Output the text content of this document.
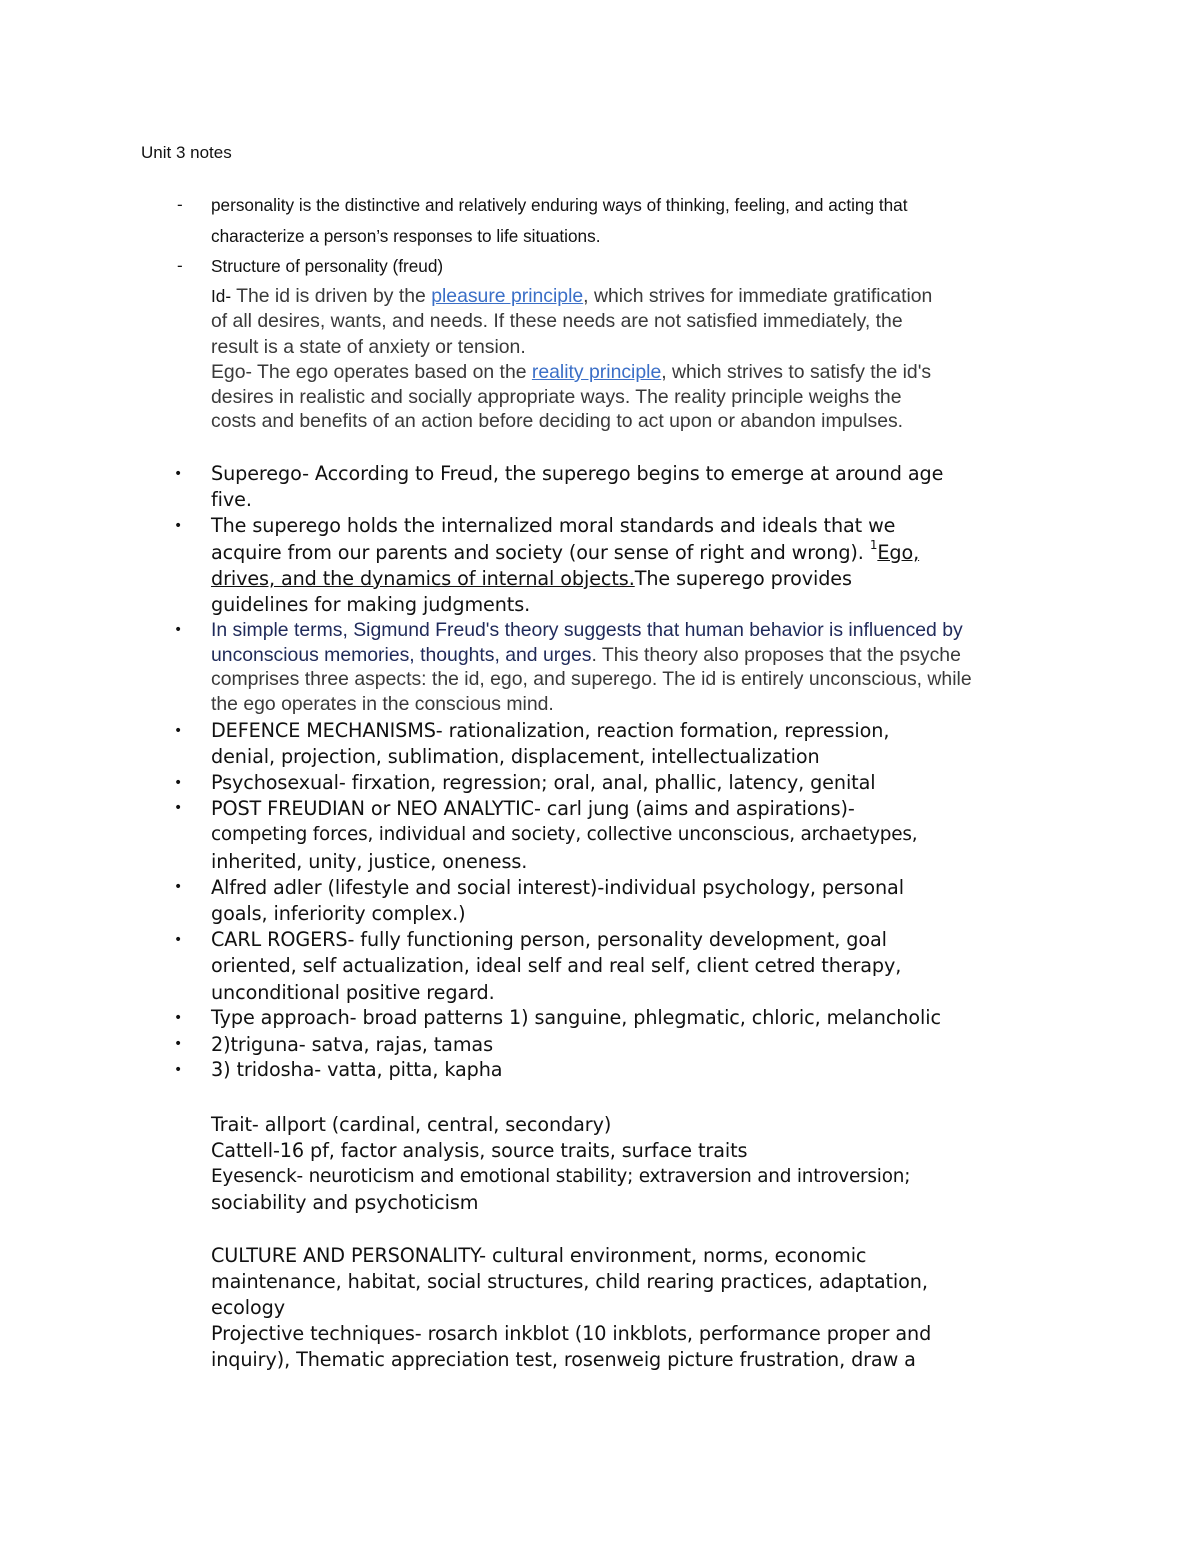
Unit 3 notes
- personality is the distinctive and relatively enduring ways of thinking, feeling, and acting that
characterize a person’s responses to life situations.
- Structure of personality (freud)
Id- The id is driven by the pleasure principle, which strives for immediate gratification
of all desires, wants, and needs. If these needs are not satisfied immediately, the
result is a state of anxiety or tension.
Ego- The ego operates based on the reality principle, which strives to satisfy the id's
desires in realistic and socially appropriate ways. The reality principle weighs the
costs and benefits of an action before deciding to act upon or abandon impulses.
• Superego- According to Freud, the superego begins to emerge at around age
five.
• The superego holds the internalized moral standards and ideals that we
acquire from our parents and society (our sense of right and wrong). $^1$Ego,
drives, and the dynamics of internal objects.The superego provides
guidelines for making judgments.
• In simple terms, Sigmund Freud's theory suggests that human behavior is influenced by
unconscious memories, thoughts, and urges. This theory also proposes that the psyche
comprises three aspects: the id, ego, and superego. The id is entirely unconscious, while
the ego operates in the conscious mind.
• DEFENCE MECHANISMS- rationalization, reaction formation, repression,
denial, projection, sublimation, displacement, intellectualization
• Psychosexual- firxation, regression; oral, anal, phallic, latency, genital
• POST FREUDIAN or NEO ANALYTIC- carl jung (aims and aspirations)-
competing forces, individual and society, collective unconscious, archaetypes,
inherited, unity, justice, oneness.
• Alfred adler (lifestyle and social interest)-individual psychology, personal
goals, inferiority complex.)
• CARL ROGERS- fully functioning person, personality development, goal
oriented, self actualization, ideal self and real self, client cetred therapy,
unconditional positive regard.
• Type approach- broad patterns 1) sanguine, phlegmatic, chloric, melancholic
• 2)triguna- satva, rajas, tamas
• 3) tridosha- vatta, pitta, kapha
Trait- allport (cardinal, central, secondary)
Cattell-16 pf, factor analysis, source traits, surface traits
Eyesenck- neuroticism and emotional stability; extraversion and introversion;
sociability and psychoticism
CULTURE AND PERSONALITY- cultural environment, norms, economic
maintenance, habitat, social structures, child rearing practices, adaptation,
ecology
Projective techniques- rosarch inkblot (10 inkblots, performance proper and
inquiry), Thematic appreciation test, rosenweig picture frustration, draw a
